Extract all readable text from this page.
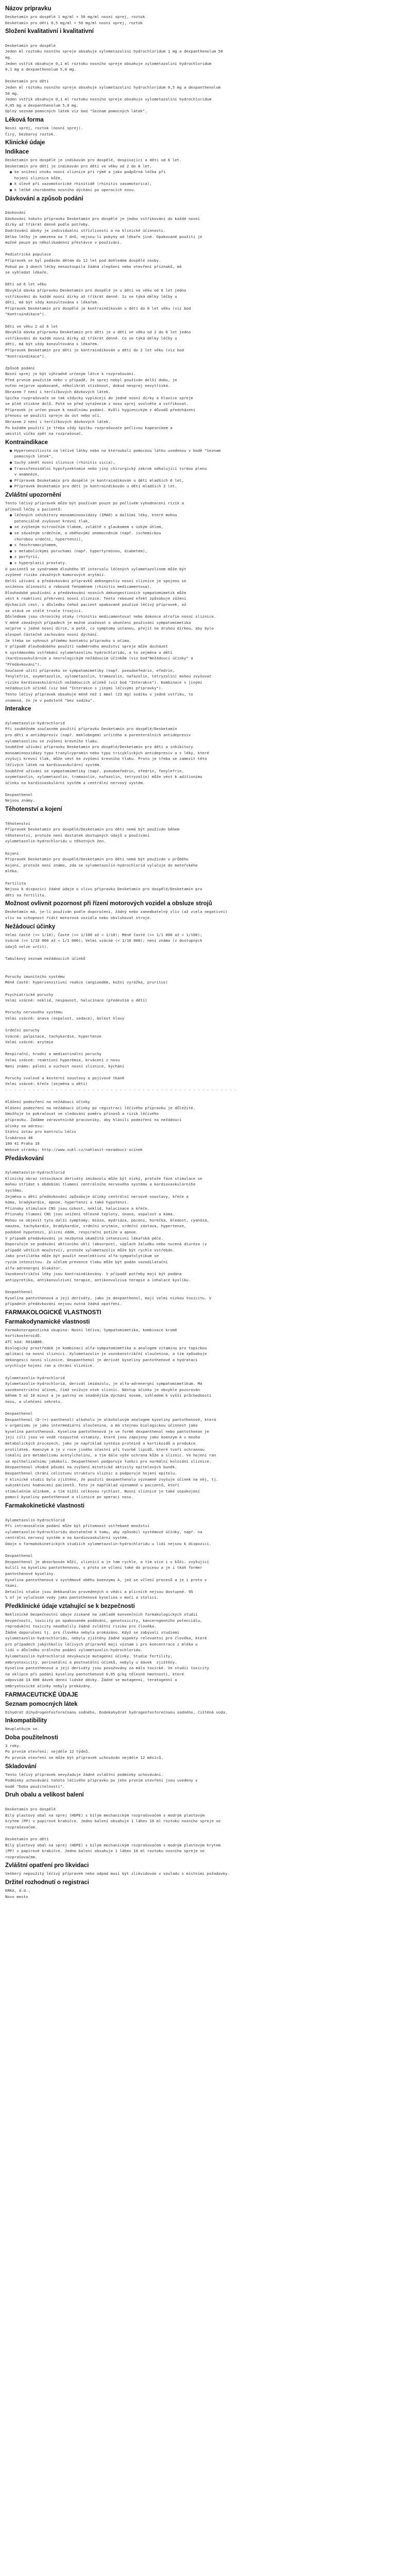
Názov prípravku
Desketamín pro dospělé 1 mg/ml + 50 mg/ml nosní sprej, roztok
Desketamín pro děti 0,5 mg/ml + 50 mg/ml nosní sprej, roztok
Složení kvalitativní i kvalitativní
Desketamín pro dospělé
Jeden ml roztoku nosního spreje obsahuje xylometazolini hydrochloridum 1 mg a dexpanthenolum 50
mg.
Jeden vstřik obsahuje 0,1 ml roztoku nosního spreje obsahuje xylometazolini hydrochloridum
0,1 mg a dexpanthenolum 5,0 mg.
Desketamín pro děti
Jeden ml roztoku nosního spreje obsahuje xylometazolini hydrochloridum 0,5 mg a dexpanthenolum
50 mg.
Jeden vstřik obsahuje 0,1 ml roztoku nosního spreje obsahuje xylometazolini hydrochloridum
0,05 mg a dexpanthenolum 5,0 mg.
Úplný seznam pomocných látek viz bod "Seznam pomocných látek".
Léková forma
Nosní sprej, roztok (nosní sprej).
Čirý, bezbarvý roztok.
Klinické údaje
Indikace
Desketamín pro dospělé je indikován pro dospělé, dospívající a děti od 6 let.
Desketamín pro děti je indikován pro děti ve věku od 2 do 6 let.
● ke snížení otoku nosní sliznice při rýmě a jako podpůrná léčba při
hojení sliznice kůže,
● k úlevě při vazomotorické rhinitidě (rhinitis vasomotorica),
● k léčbě chorobného nosního dýchání po operacích nosu.
Dávkování a způsob podání
Dávkování
Dávkování tohoto přípravku Desketamín pro dospělé je jedno vstřikování do každé nosní
dírky až třikrát denně podle potřeby.
Dodržování dávky je individuální střízlivosti a na klinické účinnosti.
Délka léčby je omezena na 7 dnů, nejsou-li pokyny od lékaře jiné. Opakované použití je
možné pouze po několikadenní přestávce v používání.
Pediatrická populace
Přípravek se byl podáván dětem do 12 let pod dohledem dospělé osoby.
Pokud po 3 dnech léčby nenastoupila žádná zlepšení nebo otevření příznaků, má
se vyhledat lékaře.
Děti od 6 let věku
Obvyklá dávka přípravku Desketamín pro dospělé je u dětí ve věku od 6 let jedno
vstřikování do každé nosní dírky až třikrát denně. Is se týká délky léčby u
dětí, má být vždy konzultována s lékařem.
Přípravek Desketamín pro dospělé je kontraindikován u dětí do 6 let věku (viz bod
"Kontraindikace").
Děti ve věku 2 až 6 let
Obvyklá dávka přípravku Desketamín pro děti je u dětí ve věku od 2 do 6 let jedno
vstřikování do každé nosní dírky až třikrát denně. Co se týká délky léčby u
dětí, má být vždy konzultována s lékařem.
Přípravek Desketamín pro děti je kontraindikován u dětí do 2 let věku (viz bod
"Kontraindikace").
Způsob podání
Nosní sprej je být výhradně určeným látce k rozprašování.
Před prvním použitím nebo v případě, že sprej nebyl používán delší dobu, je
nutno nejprve opakovaně, několikrát stisknout, dokud nesprej nevytříská.
Obrazem 7 není i terčičkových dávkových látek.
Spička rozprašovače se tak vždycky vyplácejí do jedné nosní dírky a hlavice spreje
se plně stiskne dolů. Poté se před vytažením z nosu sprej uvolněte a vstřikovat.
Přípravek je určen pouze k nasálnímu podání. Kvůli hygienickým z důvodů předcházení
přenosu se použití spreje do úst nebo očí.
Obrazem 2 není i terčičkových dávkových látek.
Po každém použití je třeba vždy špičku rozprašovače pečlivou kapesníkem a
umístit víčko zpět na rozprašovač.
Kontraindikace
● Hypersenzitivita na léčivé látky nebo na kteroukoli pomocnou látku uvedenou v bodě "Seznam
pomocných látek",
● Suchý zánět nosní sliznice (rhinitis sicca),
● Transsfenoidální hypofyzektomie nebo jiný chirurgický zákrok odhalující tvrdou plenu
v anamnéze,
● Přípravek Desketamín pro dospělé je kontraindikován u dětí mladších 6 let,
● Přípravek Desketamín pro děti je kontraindikován u dětí mladších 2 let.
Zvláštní upozornění
Tento léčivý přípravek může být používán pouze po pečlivém vyhodnocení rizik a
přínosů léčby u pacientů:
● léčených inhibitory monoaminooxidázy (IMAO) a dalšími léky, které mohou
potenciálně zvyšovat krevní tlak,
● se zvýšeným nitroočním tlakem, zvláště s glaukomem s úzkým úhlem,
● se závažným srdečním, a oběhovými onemocněním (např. ischemickou
chorobou srdeční, hypertenzí),
● s feochromocytomem,
● s metabolickými poruchami (např. hypertyreózou, diabetem),
● s porfyrií,
● s hyperplazií prostaty.
U pacientů se syndromem dlouhého QT intervalu léčených xylometazolinem může být
zvýšené riziko závažných komorových arytmií.
Delší užívání a předávkování přípravků dekongestiv nosní sliznice je spojeno se
sníženou účinností a rebound fenoménem (rhinitis medicamentosa).
Dlouhodobé používání a předávkování nosních dekongestivních sympatomimetik může
vést k reaktivní překrvení nosní sliznice. Tento rebound efekt způsobuje zúžení
dýchacích cest, v důsledku čehož pacient opakovaně používá léčivý přípravek, až
se stává ve stálé trvale trvající.
Důsledkem jsou chronický otoky (rhinitis medicamentosa) nebo dokonce atrofie nosní sliznice.
V méně závažných případech je možné uvažovat o ukončení používání sympatomimetika
nejprve v jedné nosní dírce, a poté, co symptomy ustanou, přejít na druhou dírkou, aby bylo
alespoň částečně zachováno nosní dýchání.
Je třeba se vyhnout přímému kontaktu přípravku s očima.
V případě dlouhodobého použití nadměrného množství spreje může docházet
k systémovému vstřebání xylometazolinu hydrochloridu, a to zejména u dětí
(kardiovaskulárním a neurologickým nežádoucím účinkům (viz bod"Nežádoucí účinky" a
"Předávkování").
Současné užití přípravku se sympatomimetiky (např. pseudoefedrin, efedrin,
fenylefrin, oxymetazolin, xylometazolin, tramazolin, nafazolin, tetryzolin) mohou zvyšovat
riziko kardiovaskulárních nežádoucích účinků (viz bod "Interakce"). Kombinace s jinými
nežádoucích účinků (viz bod "Interakce s jinými léčivými přípravky").
Tento léčivý přípravek obsahuje méně než 1 mmol (23 mg) sodíku v jedné vstřiku, to
znamená, že je v podstatě "bez sodíku".
Interakce
Xylometazolin-hydrochlorid
Při souběžném současném použití přípravku Desketamín pro dospělé/Desketamín
pro děti a antidepresiv (např. meklobegem) určitého a parenterálních antidepresiv
xylometazolinu se zvýšení krevního tlaku.
Souběžné užívání přípravku Desketamín pro dospělé/Desketamín pro děti a inhibitory
monoaminooxidázy typu tranylcypromin nebo typu tricyklických antidepresiv a s léky, které
zvyšují krevní tlak, může vést ke zvýšení krevního tlaku. Proto je třeba se zamezit této
léčivých látek na kardiovaskulární systém.
Souběžné užívání se sympatomimetiky (např. pseudoefedrin, efedrin, fenylefrin,
oxymetazolin, xylometazolin, tramazolin, nafazolin, tetryzolin) může vést k aditivnímu
účinku na kardiovaskulární systém a centrální nervový systém.
Dexpanthenol
Nejsou známy.
Těhotenství a kojení
Těhotenství
Přípravek Desketamín pro dospělé/Desketamín pro děti nemá být používán během
těhotenství, protože není dostatek dostupných údajů o používání
xylometazolin-hydrochloridu u těhotných žen.
Kojení
Přípravek Desketamín pro dospělé/Desketamín pro děti nemá být používán v průběhu
kojení, protože není známo, zda se xylometazolin-hydrochlorid vylučuje do mateřského
mléka.
Fertilita
Nejsou k dispozici žádné údaje o vlivu přípravku Desketamín pro dospělé/Desketamín pro
děti na fertilitu.
Možnost ovlivnit pozornost při řízení motorových vozidel a obsluze strojů
Desketamín má, je-li používán podle doporučení, žádný nebo zanedbatelný vliv (až zcela negativní)
vliv na schopnost řídit motorová vozidla nebo obsluhovat stroje.
Nežádoucí účinky
Velmi časté (>= 1/10); Časté (>= 1/100 až < 1/10); Méně časté (>= 1/1 000 až < 1/100);
Vzácné (>= 1/10 000 až < 1/1 000); Velmi vzácné (< 1/10 000); není známo (z dostupných
údajů nelze určit).
Tabulkový seznam nežádoucích účinků
Poruchy imunitního systému
Méně časté: hypersenzitivní reakce (angioedém, kožní vyrážka, pruritus)
Psychiatrické poruchy
Velmi vzácné: neklid, nespavost, halucinace (především u dětí)
Poruchy nervového systému
Velmi vzácné: únava (ospalost, sedace), bolest hlavy
Srdeční poruchy
Vzácné: palpitace, tachykardie, hypertenze
Velmi vzácné: arytmie
Respirační, hrudní a mediastinální poruchy
Velmi vzácné: reaktivní hyperémie, krvácení z nosu
Není známo: pálení a suchost nosní sliznice, kýchání
Poruchy svalové a kosterní soustavy a pojivové tkáně
Velmi vzácné: křeče (zejména u dětí)
- - - - - - - - - - - - - - - - - - - - - - - - - - - - - - - - - - - - - - - - - - - - - - - - - - -
Hlášení podezření na nežádoucí účinky
Hlášení podezření na nežádoucí účinky po registraci léčivého přípravku je důležité.
Umožňuje to pokračovat ve sledování poměru přínosů a rizik léčivého
přípravku. Žádáme zdravotnické pracovníky, aby hlásili podezření na nežádoucí
účinky na adresu:
Státní ústav pro kontrolu léčiv
Šrobárova 48
100 41 Praha 10
Webové stránky: http://www.sukl.cz/nahlasit-nezadouci-ucinek
Předávkování
Xylometazolin-hydrochlorid
Klinický obraz intoxikace deriváty imidazolu může být nízký, protože fáze stimulace se
mohou střídat s obdobími tlumení centrálního nervového systému a kardiovaskulárního
systému.
Zejména u dětí předávkování způsobuje účinky centrální nervové soustavy, křeče a
kóma, bradykardie, apnoe, hypertenzi a také hypotenzi.
Příznaky stimulace CNS jsou úzkost, neklid, halucinace a křeče.
Příznaky tlumení CNS jsou snížení tělesné teploty, únava, ospalost a kóma.
Mohou se objevit tyto další symptomy: mióza, mydriáza, pocení, horečka, bledost, cyanóza,
nauzea, tachykardie, bradykardie, srdeční arytmie, srdeční zástava, hypertenze,
podobné hypotenzi, plicní edém, respirační potíže a apnoe.
V případě předávkování je nezbytná okamžitá intenzivní lékařská péče.
Doporučuje se podávání aktivního uhlí (absorpce), výplach žaludku nebo nucená diuréza (v
případě větších množství), protože xylometazolin může být rychle vstřebán.
Jako protilátka může být použit neselektivní alfa-sympatolytikum se
ryzím intenzitou. Za účelem prevence tlaku může být podán vazodilatační
alfa-adrenergní blokátor.
Vazokonstrikční léky jsou kontraindikovány. V případě potřeby mají být podána
antipyretika, antikonvulzivní terapie, antikonvulziva terapie a inhalace kyslíku.
Dexpanthenol
Kyselina pantothenová a její deriváty, jako je dexpanthenol, mají velmi nízkou toxicitu. V
případech předávkování nejsou nutná žádná opatření.
FARMAKOLOGICKÉ VLASTNOSTI
Farmakodynamické vlastnosti
Farmakoterapeutická skupina: Nosní léčiva; Sympatomimetika, kombinace kromě
kortikosteroidů.
ATC kód: R01AB06.
Biologicky prostředek je kombinací alfa-sympatomimetika a analogem vitaminu pro topickou
aplikaci na nosní sliznici. Xylometazolin je vazokonstrikční sloučenina, a tím způsobuje
dekongesci nosní sliznice. Dexpanthenol je derivát kyseliny pantothenové a hydrataci
urychluje hojení ran a chrání sliznice.
Xylometazolin-hydrochlorid
Xylometazolin-hydrochlorid, derivát imidazolu, je alfa-adrenergní sympatomimetikum. Má
vazokonstrikční účinek, čímž snižuje otok sliznic. Nástup účinku je obvykle pozorován
během 5 až 10 minut a je patrný ve snadnějším dýchání nosem, vzhledem k vyšší průchodnosti
nosu, a ulehčení sekretu.
Dexpanthenol
Dexpanthenol (D-(+)-panthenol) alkoholu je alkoholovým analogem kyseliny pantothenové, která
v organismu je jako intermediární sloučenina, a má stejnou biologickou účinnost jako
kyselina pantothenová. Kyselina pantothenová je ve formě dexpanthenol nebo pantothenan je
její cílí jsou ve vodě rozpustné vitaminy, které jsou zapojeny jako koenzym A v mnoha
metabolických procesech, jako je například syntéza proteinů a kortikoidů a produkce
protilátek. Koenzym A je v roce jiného účastní při tvorbě lipidů, které tvoří ochrannou
lokální pro metabolismu acetylcholinu, a tím dále výše ochrana kůže a sliznic. Ve hojení ran
se epithelizačnímu jakákoli. Dexpanthenol podporuje funkci pro normální koloidní sliznice.
Dexpanthenol vhodně působí na zvýšení mitotické aktivity epitelových buněk.
Dexpanthenol chrání celistvou strukturu sliznic a podporuje hojení epitelu.
V klinické studii bylo zjištěno, že použití dexpanthenolu významně zvyšuje účinek na něj, tj.
subjektivní hodnocení pacientů. Toto je například významné u pacientů, kteří
stimulačním účinkem, a tím nižší celkovou rychlost. Nosní sliznice je také uspokojení
pomocí kyseliny pantothenové a sliznice po operaci nosu.
Farmakokinetické vlastnosti
Xylometazolin-hydrochlorid
Při intranasálním podání může být přítomnost vstřebané množství
xylometazolin-hydrochloridu dostatečné k tomu, aby způsobil systémové účinky, např. na
centrální nervový systém a na kardiovaskulární systém.
Údaje o farmakokinetických studiích xylometazolin-hydrochloridu u lidí nejsou k dispozici.
Dexpanthenol
Dexpanthenol je absorbován kůží, sliznicí a je tam rychle, a tím více i v kůži. zvyšující
kuliči na kyselinu pantothenovou, s proto se včlení také do procesu a je i tkáň former
pantothenové kyseliny.
Kyselina pantothenová v systémové oběhu koenzymu A, jež se včlení procesů a je i proto v
tkáni.
Detailní studie jsou dekkunálos provedených o vědci a plicních nejsou dostupné. 95
% of je vylučován vody jako pantothenová kyselina v moči a stolici.
Předklinické údaje vztahující se k bezpečnosti
Neklinické bezpečnostní údaje získané na základě konvenčních farmakologických studií
bezpečnosti, toxicity po opakovaném podávání, genotoxicity, kancerogenního potenciálu,
reprodukční toxicity neodhalily žádné zvláštní riziko pro člověka.
Žádné doporučení tj. pro člověka nebyla prokázáno. Když se zabývali studiemi
xylometazolin-hydrochloridu, nebyly zjištěny žádné aspekty relevantní pro člověka, které
pro případech jakýchkoliv léčivých přípravků mají význam i pro koncentrace z mléka u
lidí v důsledku orálního podání xylometazolin-hydrochloridu.
Xylometazolin-hydrochlorid nevykazuje mutagenní účinky. Studie fertility,
embryotoxicity, perinatální a postnatální účinků, nebyly u dávek  zjištěny.
Kyselina pantothenová a její deriváty jsou považovány za málo toxické. Ve studii toxicity
na sklípce při podání kyseliny pantothenové 0,05 g/kg tělesné hmotnosti, které
odpovídá 14 000 dávek denní lidské dávky. Žádné se mutagenní, teratogenní a
embryotoxické účinky nebyly prokázány.
FARMACEUTICKÉ ÚDAJE
Seznam pomocných látek
Dihydrát dihydrogenfosforečnanu sodného, Dodekahydrát hydrogenfosforečnanu sodného, čištěná voda.
Inkompatibility
Neuplatňuje se.
Doba použitelnosti
3 roky.
Po prvním otevření: nejdéle 12 týdnů.
Po prvním otevření se může být přípravek uchováván nejdéle 12 měsíců.
Skladování
Tento léčivý přípravek nevyžaduje žádné zvláštní podmínky uchovávání.
Podmínky uchovávání tohoto léčivého přípravku po jeho prvním otevření jsou uvedeny v
bodě "Doba použitelnosti".
Druh obalu a velikost balení
Desketamín pro dospělé
Bílý plastový obal na sprej (HDPE) s bílým mechanickým rozprašovačem s modrým plastovým
krytem (PP) v papírové krabičce. Jedno balení obsahuje 1 láhev 10 ml roztoku nosního spreje se
rozprašovačem.
Desketamín pro děti
Bílý plastový obal na sprej (HDPE) s bílým mechanickým rozprašovačem s modrým plastovým krytem
(PP) v papírové krabičce. Jedno balení obsahuje 1 láhev 10 ml roztoku nosního spreje se
rozprašovačem.
Zvláštní opatření pro likvidaci
Veškerý nepoužitý léčivý přípravek nebo odpad musí být zlikvidován v souladu s místními požadavky.
Držitel rozhodnutí o registraci
KRKA, d.d.,
Novo mesto
